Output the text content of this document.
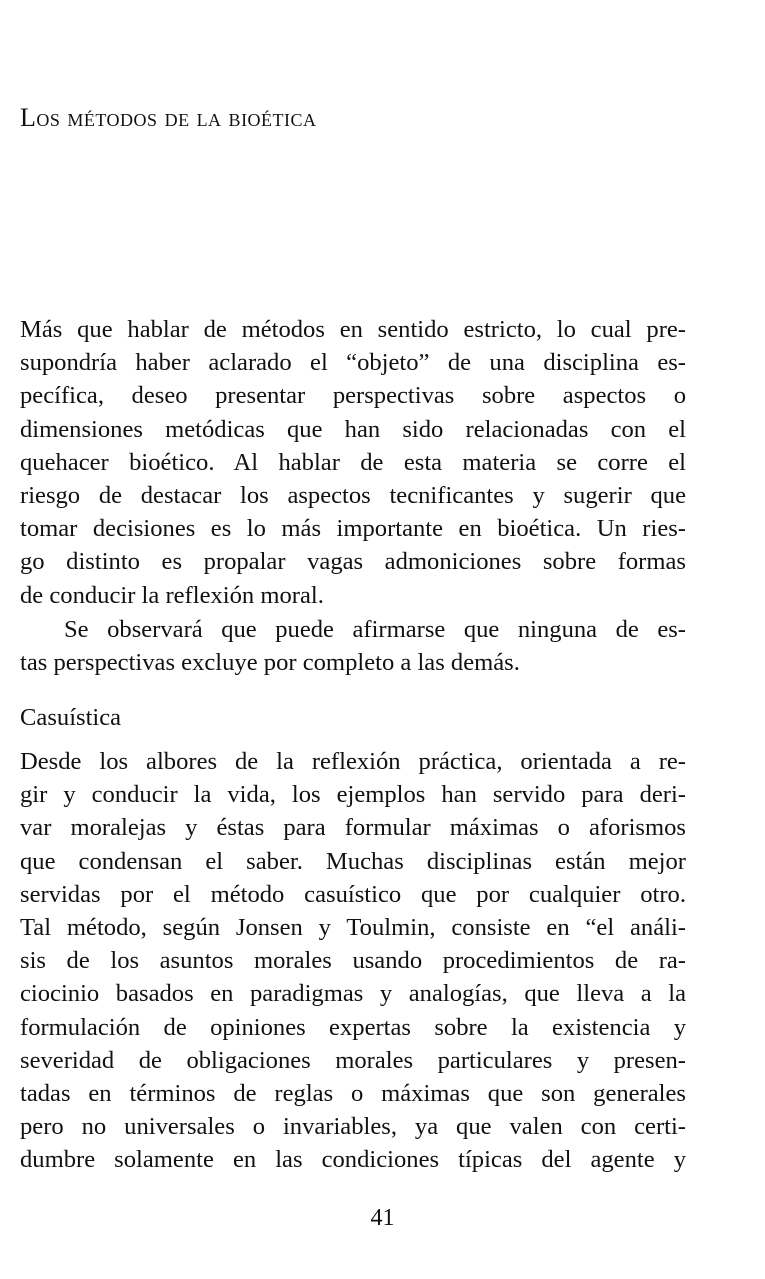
Los métodos de la bioética
Más que hablar de métodos en sentido estricto, lo cual pre-
supondría haber aclarado el “objeto” de una disciplina es-
pecífica, deseo presentar perspectivas sobre aspectos o
dimensiones metódicas que han sido relacionadas con el
quehacer bioético. Al hablar de esta materia se corre el
riesgo de destacar los aspectos tecnificantes y sugerir que
tomar decisiones es lo más importante en bioética. Un ries-
go distinto es propalar vagas admoniciones sobre formas
de conducir la reflexión moral.
Se observará que puede afirmarse que ninguna de es-
tas perspectivas excluye por completo a las demás.
Casuística
Desde los albores de la reflexión práctica, orientada a re-
gir y conducir la vida, los ejemplos han servido para deri-
var moralejas y éstas para formular máximas o aforismos
que condensan el saber. Muchas disciplinas están mejor
servidas por el método casuístico que por cualquier otro.
Tal método, según Jonsen y Toulmin, consiste en “el análi-
sis de los asuntos morales usando procedimientos de ra-
ciocinio basados en paradigmas y analogías, que lleva a la
formulación de opiniones expertas sobre la existencia y
severidad de obligaciones morales particulares y presen-
tadas en términos de reglas o máximas que son generales
pero no universales o invariables, ya que valen con certi-
dumbre solamente en las condiciones típicas del agente y
41
